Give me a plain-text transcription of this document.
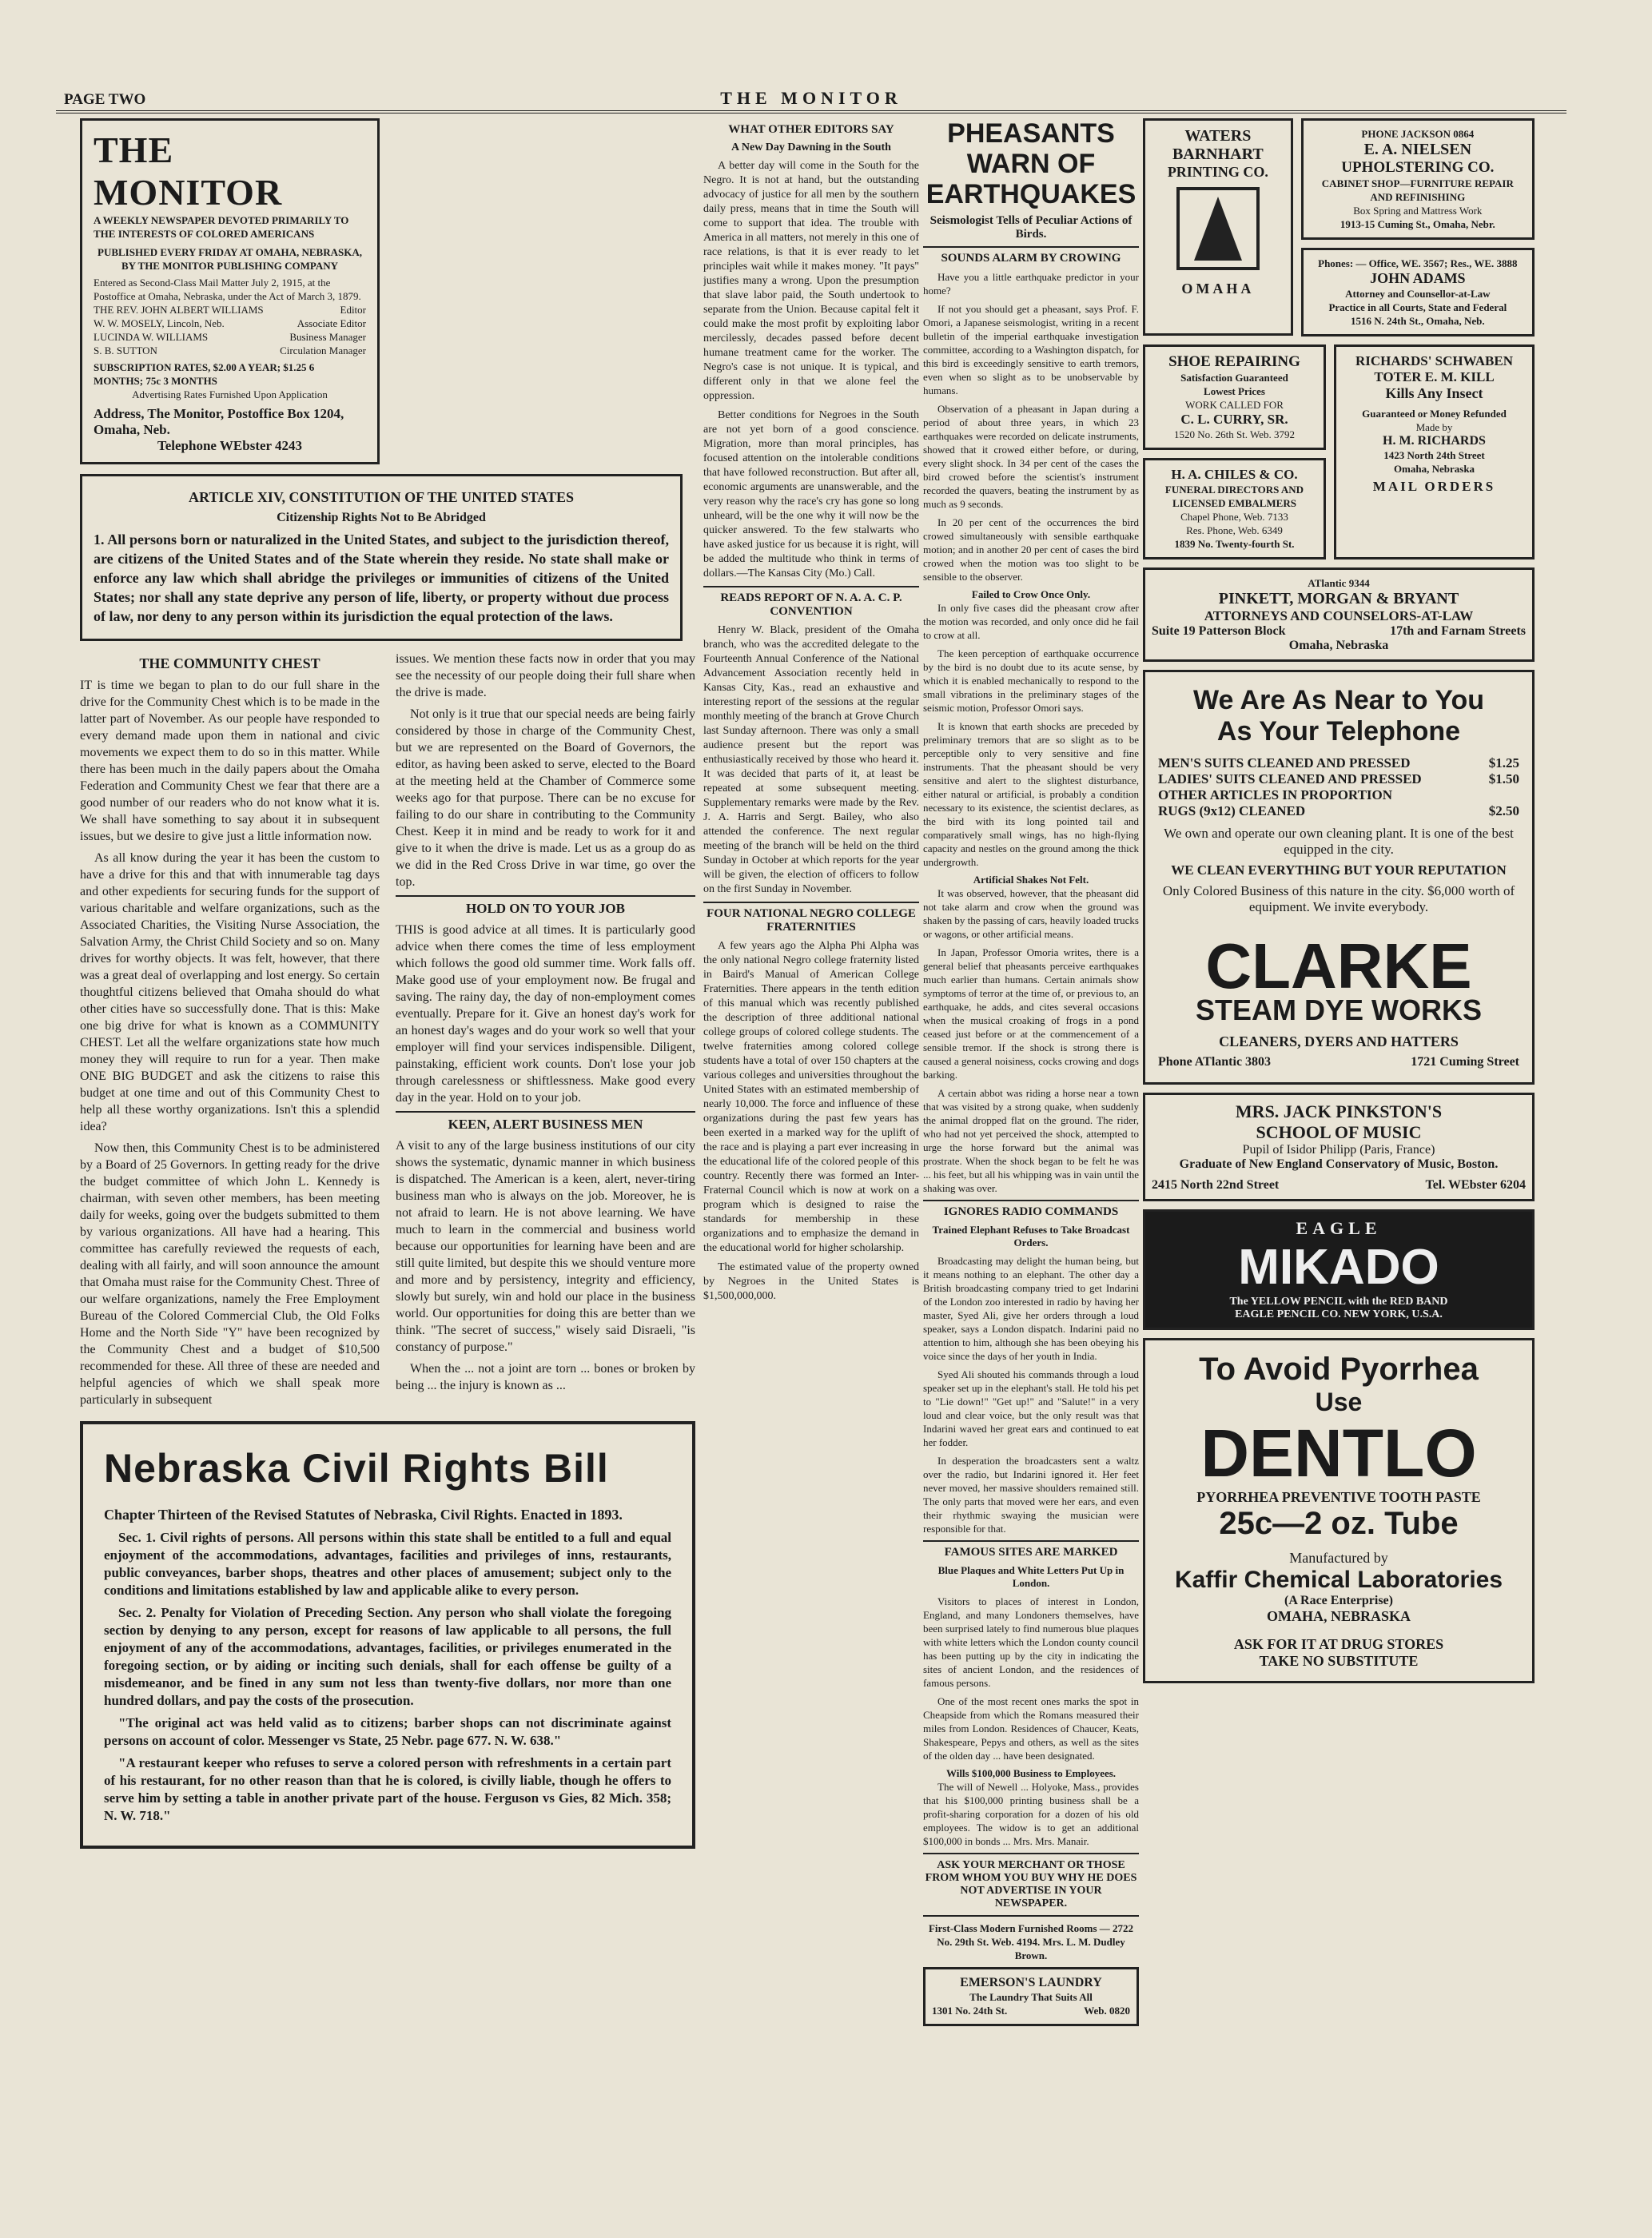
PAGE TWO	THE MONITOR
THE MONITOR
A WEEKLY NEWSPAPER DEVOTED PRIMARILY TO THE INTERESTS OF COLORED AMERICANS
PUBLISHED EVERY FRIDAY AT OMAHA, NEBRASKA, BY THE MONITOR PUBLISHING COMPANY
Entered as Second-Class Mail Matter July 2, 1915, at the Postoffice at Omaha, Nebraska, under the Act of March 3, 1879.
THE REV. JOHN ALBERT WILLIAMS	Editor
W. W. MOSELY, Lincoln, Neb.	Associate Editor
LUCINDA W. WILLIAMS	Business Manager
S. B. SUTTON	Circulation Manager
SUBSCRIPTION RATES, $2.00 A YEAR; $1.25 6 MONTHS; 75c 3 MONTHS
Advertising Rates Furnished Upon Application
Address, The Monitor, Postoffice Box 1204, Omaha, Neb.
Telephone WEbster 4243
ARTICLE XIV, CONSTITUTION OF THE UNITED STATES
Citizenship Rights Not to Be Abridged

1. All persons born or naturalized in the United States, and subject to the jurisdiction thereof, are citizens of the United States and of the State wherein they reside. No state shall make or enforce any law which shall abridge the privileges or immunities of citizens of the United States; nor shall any state deprive any person of life, liberty, or property without due process of law, nor deny to any person within its jurisdiction the equal protection of the laws.

THE COMMUNITY CHEST

IT is time we began to plan to do our full share in the drive for the Community Chest which is to be made in the latter part of November. As our people have responded to every demand made upon them in national and civic movements we expect them to do so in this matter. While there has been much in the daily papers about the Omaha Federation and Community Chest we fear that there are a good number of our readers who do not know what it is. We shall have something to say about it in subsequent issues, but we desire to give just a little information now.

As all know during the year it has been the custom to have a drive for this and that with innumerable tag days and other expedients for securing funds for the support of various charitable and welfare organizations, such as the Associated Charities, the Visiting Nurse Association, the Salvation Army, the Christ Child Society and so on. Many drives for worthy objects. It was felt, however, that there was a great deal of overlapping and lost energy. So certain thoughtful citizens believed that Omaha should do what other cities have so successfully done. That is this: Make one big drive for what is known as a COMMUNITY CHEST. Let all the welfare organizations state how much money they will require to run for a year. Then make ONE BIG BUDGET and ask the citizens to raise this budget at one time and out of this Community Chest to help all these worthy organizations. Isn't this a splendid idea?

Now then, this Community Chest is to be administered by a Board of 25 Governors. In getting ready for the drive the budget committee of which John L. Kennedy is chairman, with seven other members, has been meeting daily for weeks, going over the budgets submitted to them by various organizations. All have had a hearing. This committee has carefully reviewed the requests of each, dealing with all fairly, and will soon announce the amount that Omaha must raise for the Community Chest. Three of our welfare organizations, namely the Free Employment Bureau of the Colored Commercial Club, the Old Folks Home and the North Side "Y" have been recognized by the Community Chest and a budget of $10,500 recommended for these. All three of these are needed and helpful agencies of which we shall speak more particularly in subsequent

issues. We mention these facts now in order that you may see the necessity of our people doing their full share when the drive is made.

Not only is it true that our special needs are being fairly considered by those in charge of the Community Chest, but we are represented on the Board of Governors, the editor, as having been asked to serve, elected to the Board at the meeting held at the Chamber of Commerce some weeks ago for that purpose. There can be no excuse for failing to do our share in contributing to the Community Chest. Keep it in mind and be ready to work for it and give to it when the drive is made. Let us as a group do as we did in the Red Cross Drive in war time, go over the top.

HOLD ON TO YOUR JOB

THIS is good advice at all times. It is particularly good advice when there comes the time of less employment which follows the good old summer time. Work falls off. Make good use of your employment now. Be frugal and saving. The rainy day, the day of non-employment comes eventually. Prepare for it. Give an honest day's work for an honest day's wages and do your work so well that your employer will find your services indispensible. Diligent, painstaking, efficient work counts. Don't lose your job through carelessness or shiftlessness. Make good every day in the year. Hold on to your job.

KEEN, ALERT BUSINESS MEN

A visit to any of the large business institutions of our city shows the systematic, dynamic manner in which business is dispatched. The American is a keen, alert, never-tiring business man who is always on the job. Moreover, he is not afraid to learn. He is not above learning. We have much to learn in the commercial and business world because our opportunities for learning have been and are still quite limited, but despite this we should venture more and more and by persistency, integrity and efficiency, slowly but surely, win and hold our place in the business world. Our opportunities for doing this are better than we think. "The secret of success," wisely said Disraeli, "is constancy of purpose."

When the ... not a joint are torn ... bones or broken by being ... the injury is known as ...

Nebraska Civil Rights Bill

Chapter Thirteen of the Revised Statutes of Nebraska, Civil Rights. Enacted in 1893.

Sec. 1. Civil rights of persons. All persons within this state shall be entitled to a full and equal enjoyment of the accommodations, advantages, facilities and privileges of inns, restaurants, public conveyances, barber shops, theatres and other places of amusement; subject only to the conditions and limitations established by law and applicable alike to every person.

Sec. 2. Penalty for Violation of Preceding Section. Any person who shall violate the foregoing section by denying to any person, except for reasons of law applicable to all persons, the full enjoyment of any of the accommodations, advantages, facilities, or privileges enumerated in the foregoing section, or by aiding or inciting such denials, shall for each offense be guilty of a misdemeanor, and be fined in any sum not less than twenty-five dollars, nor more than one hundred dollars, and pay the costs of the prosecution.

"The original act was held valid as to citizens; barber shops can not discriminate against persons on account of color. Messenger vs State, 25 Nebr. page 677. N. W. 638."

"A restaurant keeper who refuses to serve a colored person with refreshments in a certain part of his restaurant, for no other reason than that he is colored, is civilly liable, though he offers to serve him by setting a table in another private part of the house. Ferguson vs Gies, 82 Mich. 358; N. W. 718."

WATERS
BARNHART
PRINTING CO.
OMAHA
PHONE JACKSON 0864
E. A. NIELSEN
UPHOLSTERING CO.
CABINET SHOP—FURNITURE REPAIR AND REFINISHING
Box Spring and Mattress Work
1913-15 Cuming St., Omaha, Nebr.
Phones: — Office, WE. 3567; Res., WE. 3888
JOHN ADAMS
Attorney and Counsellor-at-Law
Practice in all Courts, State and Federal
1516 N. 24th St., Omaha, Neb.
SHOE REPAIRING
Satisfaction Guaranteed
Lowest Prices
WORK CALLED FOR
C. L. CURRY, SR.
1520 No. 26th St. Web. 3792
H. A. CHILES & CO.
FUNERAL DIRECTORS AND
LICENSED EMBALMERS
Chapel Phone, Web. 7133
Res. Phone, Web. 6349
1839 No. Twenty-fourth St.
RICHARDS' SCHWABEN
TOTER E. M. KILL
Kills Any Insect
Guaranteed or Money Refunded
Made by
H. M. RICHARDS
1423 North 24th Street
Omaha, Nebraska
MAIL ORDERS
ATlantic 9344
PINKETT, MORGAN & BRYANT
ATTORNEYS AND COUNSELORS-AT-LAW
Suite 19 Patterson Block	17th and Farnam Streets
Omaha, Nebraska
We Are As Near to You
As Your Telephone
MEN'S SUITS CLEANED AND PRESSED	$1.25
LADIES' SUITS CLEANED AND PRESSED	$1.50
OTHER ARTICLES IN PROPORTION
RUGS (9x12) CLEANED	$2.50
We own and operate our own cleaning plant. It is one of the best equipped in the city.
WE CLEAN EVERYTHING BUT YOUR REPUTATION
Only Colored Business of this nature in the city. $6,000 worth of equipment. We invite everybody.
CLARKE
STEAM DYE WORKS
CLEANERS, DYERS AND HATTERS
Phone ATlantic 3803	1721 Cuming Street
MRS. JACK PINKSTON'S
SCHOOL OF MUSIC
Pupil of Isidor Philipp (Paris, France)
Graduate of New England Conservatory of Music, Boston.
2415 North 22nd Street	Tel. WEbster 6204
EAGLE
MIKADO
The YELLOW PENCIL with the RED BAND
EAGLE PENCIL CO. NEW YORK, U.S.A.
To Avoid Pyorrhea
Use
DENTLO
PYORRHEA PREVENTIVE TOOTH PASTE
25c—2 oz. Tube
Manufactured by
Kaffir Chemical Laboratories
(A Race Enterprise)
OMAHA, NEBRASKA
ASK FOR IT AT DRUG STORES
TAKE NO SUBSTITUTE
WHAT OTHER EDITORS SAY
A New Day Dawning in the South

A better day will come in the South for the Negro. It is not at hand, but the outstanding advocacy of justice for all men by the southern daily press, means that in time the South will come to support that idea. The trouble with America in all matters, not merely in this one of race relations, is that it is ever ready to let principles wait while it makes money. "It pays" justifies many a wrong. Upon the presumption that slave labor paid, the South undertook to separate from the Union. Because capital felt it could make the most profit by exploiting labor mercilessly, decades passed before decent humane treatment came for the worker. The Negro's case is not unique. It is typical, and different only in that we alone feel the oppression.

Better conditions for Negroes in the South are not yet born of a good conscience. Migration, more than moral principles, has focused attention on the intolerable conditions that have followed reconstruction. But after all, economic arguments are unanswerable, and the very reason why the race's cry has gone so long unheard, will be the one why it will now be the quicker answered. To the few stalwarts who have asked justice for us because it is right, will be added the multitude who think in terms of dollars.—The Kansas City (Mo.) Call.

READS REPORT OF N. A. A. C. P. CONVENTION

Henry W. Black, president of the Omaha branch, who was the accredited delegate to the Fourteenth Annual Conference of the National Advancement Association recently held in Kansas City, Kas., read an exhaustive and interesting report of the sessions at the regular monthly meeting of the branch at Grove Church last Sunday afternoon. There was only a small audience present but the report was enthusiastically received by those who heard it. It was decided that parts of it, at least be repeated at some subsequent meeting. Supplementary remarks were made by the Rev. J. A. Harris and Sergt. Bailey, who also attended the conference. The next regular meeting of the branch will be held on the third Sunday in October at which reports for the year will be given, the election of officers to follow on the first Sunday in November.

FOUR NATIONAL NEGRO COLLEGE FRATERNITIES

A few years ago the Alpha Phi Alpha was the only national Negro college fraternity listed in Baird's Manual of American College Fraternities. There appears in the tenth edition of this manual which was recently published the description of three additional national college groups of colored college students. The twelve fraternities among colored college students have a total of over 150 chapters at the various colleges and universities throughout the United States with an estimated membership of nearly 10,000. The force and influence of these organizations during the past few years has been exerted in a marked way for the uplift of the race and is playing a part ever increasing in the educational life of the colored people of this country. Recently there was formed an Inter-Fraternal Council which is now at work on a program which is designed to raise the standards for membership in these organizations and to emphasize the demand in the educational world for higher scholarship.

The estimated value of the property owned by Negroes in the United States is $1,500,000,000.

PHEASANTS WARN OF EARTHQUAKES
Seismologist Tells of Peculiar Actions of Birds.
SOUNDS ALARM BY CROWING

Have you a little earthquake predictor in your home?

If not you should get a pheasant, says Prof. F. Omori, a Japanese seismologist, writing in a recent bulletin of the imperial earthquake investigation committee, according to a Washington dispatch, for this bird is exceedingly sensitive to earth tremors, even when so slight as to be unobservable by humans.

Observation of a pheasant in Japan during a period of about three years, in which 23 earthquakes were recorded on delicate instruments, showed that it crowed either before, or during, every slight shock. In 34 per cent of the cases the bird crowed before the scientist's instrument recorded the quavers, beating the instrument by as much as 9 seconds.

In 20 per cent of the occurrences the bird crowed simultaneously with sensible earthquake motion; and in another 20 per cent of cases the bird crowed when the motion was too slight to be sensible to the observer.

Failed to Crow Once Only.

In only five cases did the pheasant crow after the motion was recorded, and only once did he fail to crow at all.

The keen perception of earthquake occurrence by the bird is no doubt due to its acute sense, by which it is enabled mechanically to respond to the small vibrations in the preliminary stages of the seismic motion, Professor Omori says.

It is known that earth shocks are preceded by preliminary tremors that are so slight as to be perceptible only to very sensitive and fine instruments. That the pheasant should be very sensitive and alert to the slightest disturbance, either natural or artificial, is probably a condition necessary to its existence, the scientist declares, as the bird with its long pointed tail and comparatively small wings, has no high-flying capacity and nestles on the ground among the thick undergrowth.

Artificial Shakes Not Felt.

It was observed, however, that the pheasant did not take alarm and crow when the ground was shaken by the passing of cars, heavily loaded trucks or wagons, or other artificial means.

In Japan, Professor Omoria writes, there is a general belief that pheasants perceive earthquakes much earlier than humans. Certain animals show symptoms of terror at the time of, or previous to, an earthquake, he adds, and cites several occasions when the musical croaking of frogs in a pond ceased just before or at the commencement of a sensible tremor. If the shock is strong there is caused a general noisiness, cocks crowing and dogs barking.

A certain abbot was riding a horse near a town that was visited by a strong quake, when suddenly the animal dropped flat on the ground. The rider, who had not yet perceived the shock, attempted to urge the horse forward but the animal was prostrate. When the shock began to be felt he was ... his feet, but all his whipping was in vain until the shaking was over.

IGNORES RADIO COMMANDS
Trained Elephant Refuses to Take Broadcast Orders.

Broadcasting may delight the human being, but it means nothing to an elephant. The other day a British broadcasting company tried to get Indarini of the London zoo interested in radio by having her master, Syed Ali, give her orders through a loud speaker, says a London dispatch. Indarini paid no attention to him, although she has been obeying his voice since the days of her youth in India.

Syed Ali shouted his commands through a loud speaker set up in the elephant's stall. He told his pet to "Lie down!" "Get up!" and "Salute!" in a very loud and clear voice, but the only result was that Indarini waved her great ears and continued to eat her fodder.

In desperation the broadcasters sent a waltz over the radio, but Indarini ignored it. Her feet never moved, her massive shoulders remained still. The only parts that moved were her ears, and even their rhythmic swaying the musician were responsible for that.

FAMOUS SITES ARE MARKED
Blue Plaques and White Letters Put Up in London.

Visitors to places of interest in London, England, and many Londoners themselves, have been surprised lately to find numerous blue plaques with white letters which the London county council has been putting up by the city in indicating the sites of ancient London, and the residences of famous persons.

One of the most recent ones marks the spot in Cheapside from which the Romans measured their miles from London. Residences of Chaucer, Keats, Shakespeare, Pepys and others, as well as the sites of the olden day ... have been designated.

Wills $100,000 Business to Employees.

The will of Newell ... Holyoke, Mass., provides that his $100,000 printing business shall be a profit-sharing corporation for a dozen of his old employees. The widow is to get an additional $100,000 in bonds ... Mrs. Mrs. Manair.

ASK YOUR MERCHANT OR THOSE FROM WHOM YOU BUY WHY HE DOES NOT ADVERTISE IN YOUR NEWSPAPER.
First-Class Modern Furnished Rooms — 2722 No. 29th St. Web. 4194. Mrs. L. M. Dudley Brown.
EMERSON'S LAUNDRY
The Laundry That Suits All
1301 No. 24th St.	Web. 0820
